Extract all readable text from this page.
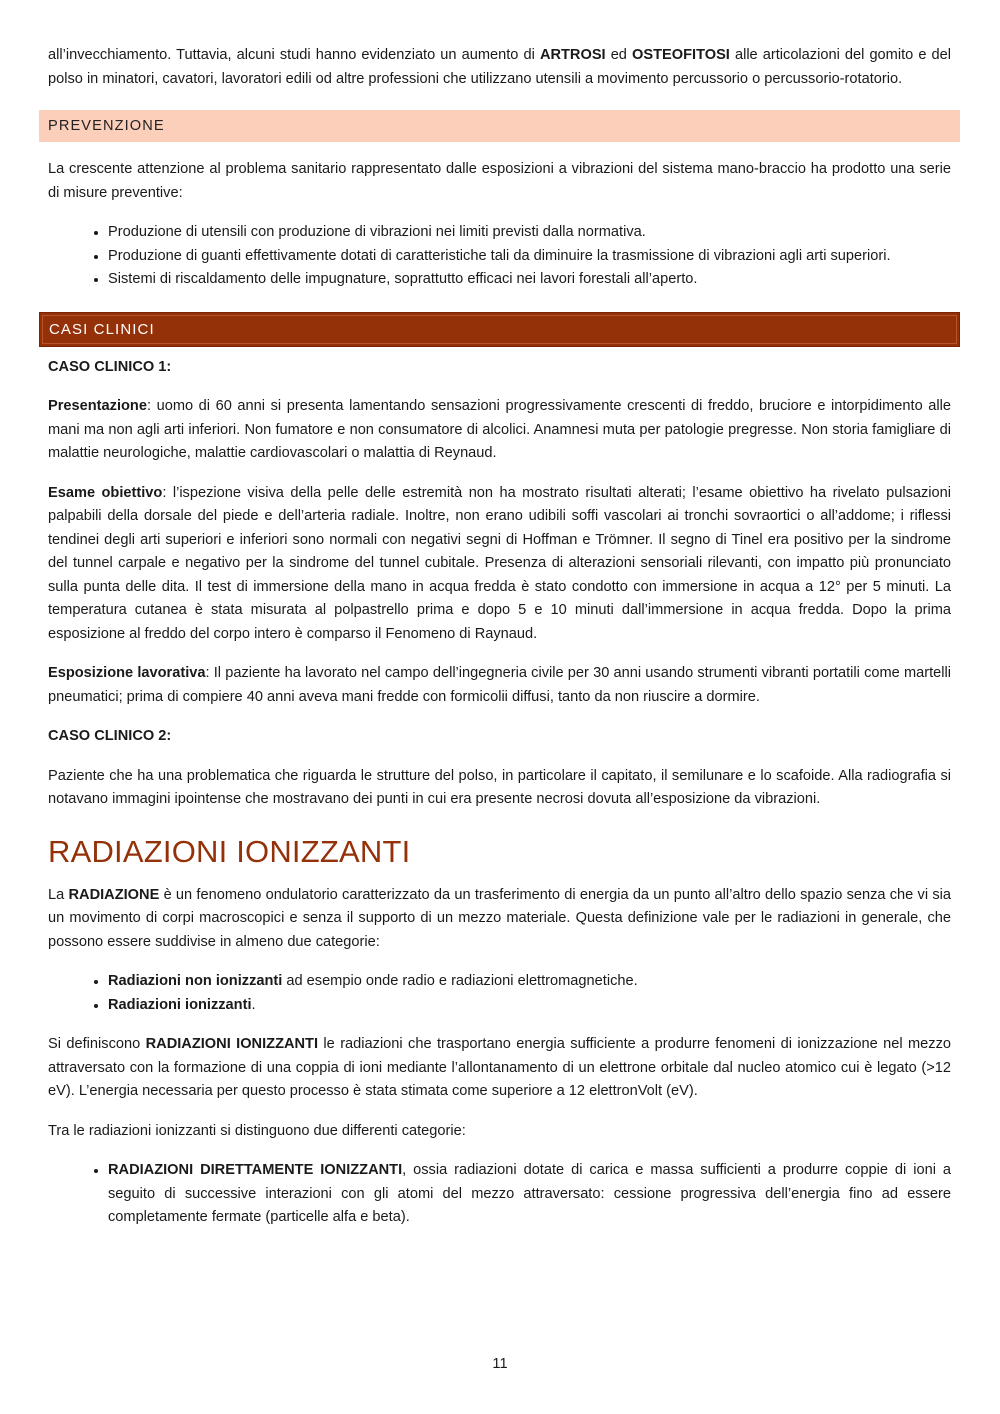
all’invecchiamento. Tuttavia, alcuni studi hanno evidenziato un aumento di ARTROSI ed OSTEOFITOSI alle articolazioni del gomito e del polso in minatori, cavatori, lavoratori edili od altre professioni che utilizzano utensili a movimento percussorio o percussorio-rotatorio.

PREVENZIONE

La crescente attenzione al problema sanitario rappresentato dalle esposizioni a vibrazioni del sistema mano-braccio ha prodotto una serie di misure preventive:

• Produzione di utensili con produzione di vibrazioni nei limiti previsti dalla normativa.
• Produzione di guanti effettivamente dotati di caratteristiche tali da diminuire la trasmissione di vibrazioni agli arti superiori.
• Sistemi di riscaldamento delle impugnature, soprattutto efficaci nei lavori forestali all’aperto.
CASI CLINICI

CASO CLINICO 1:

Presentazione: uomo di 60 anni si presenta lamentando sensazioni progressivamente crescenti di freddo, bruciore e intorpidimento alle mani ma non agli arti inferiori. Non fumatore e non consumatore di alcolici. Anamnesi muta per patologie pregresse. Non storia famigliare di malattie neurologiche, malattie cardiovascolari o malattia di Reynaud.

Esame obiettivo: l’ispezione visiva della pelle delle estremità non ha mostrato risultati alterati; l’esame obiettivo ha rivelato pulsazioni palpabili della dorsale del piede e dell’arteria radiale. Inoltre, non erano udibili soffi vascolari ai tronchi sovraortici o all’addome; i riflessi tendinei degli arti superiori e inferiori sono normali con negativi segni di Hoffman e Trömner. Il segno di Tinel era positivo per la sindrome del tunnel carpale e negativo per la sindrome del tunnel cubitale. Presenza di alterazioni sensoriali rilevanti, con impatto più pronunciato sulla punta delle dita. Il test di immersione della mano in acqua fredda è stato condotto con immersione in acqua a 12° per 5 minuti. La temperatura cutanea è stata misurata al polpastrello prima e dopo 5 e 10 minuti dall’immersione in acqua fredda. Dopo la prima esposizione al freddo del corpo intero è comparso il Fenomeno di Raynaud.

Esposizione lavorativa: Il paziente ha lavorato nel campo dell’ingegneria civile per 30 anni usando strumenti vibranti portatili come martelli pneumatici; prima di compiere 40 anni aveva mani fredde con formicolii diffusi, tanto da non riuscire a dormire.

CASO CLINICO 2:

Paziente che ha una problematica che riguarda le strutture del polso, in particolare il capitato, il semilunare e lo scafoide. Alla radiografia si notavano immagini ipointense che mostravano dei punti in cui era presente necrosi dovuta all’esposizione da vibrazioni.

RADIAZIONI IONIZZANTI

La RADIAZIONE è un fenomeno ondulatorio caratterizzato da un trasferimento di energia da un punto all’altro dello spazio senza che vi sia un movimento di corpi macroscopici e senza il supporto di un mezzo materiale. Questa definizione vale per le radiazioni in generale, che possono essere suddivise in almeno due categorie:

• Radiazioni non ionizzanti ad esempio onde radio e radiazioni elettromagnetiche.
• Radiazioni ionizzanti.

Si definiscono RADIAZIONI IONIZZANTI le radiazioni che trasportano energia sufficiente a produrre fenomeni di ionizzazione nel mezzo attraversato con la formazione di una coppia di ioni mediante l’allontanamento di un elettrone orbitale dal nucleo atomico cui è legato (>12 eV). L’energia necessaria per questo processo è stata stimata come superiore a 12 elettronVolt (eV).

Tra le radiazioni ionizzanti si distinguono due differenti categorie:

• RADIAZIONI DIRETTAMENTE IONIZZANTI, ossia radiazioni dotate di carica e massa sufficienti a produrre coppie di ioni a seguito di successive interazioni con gli atomi del mezzo attraversato: cessione progressiva dell’energia fino ad essere completamente fermate (particelle alfa e beta).
11
